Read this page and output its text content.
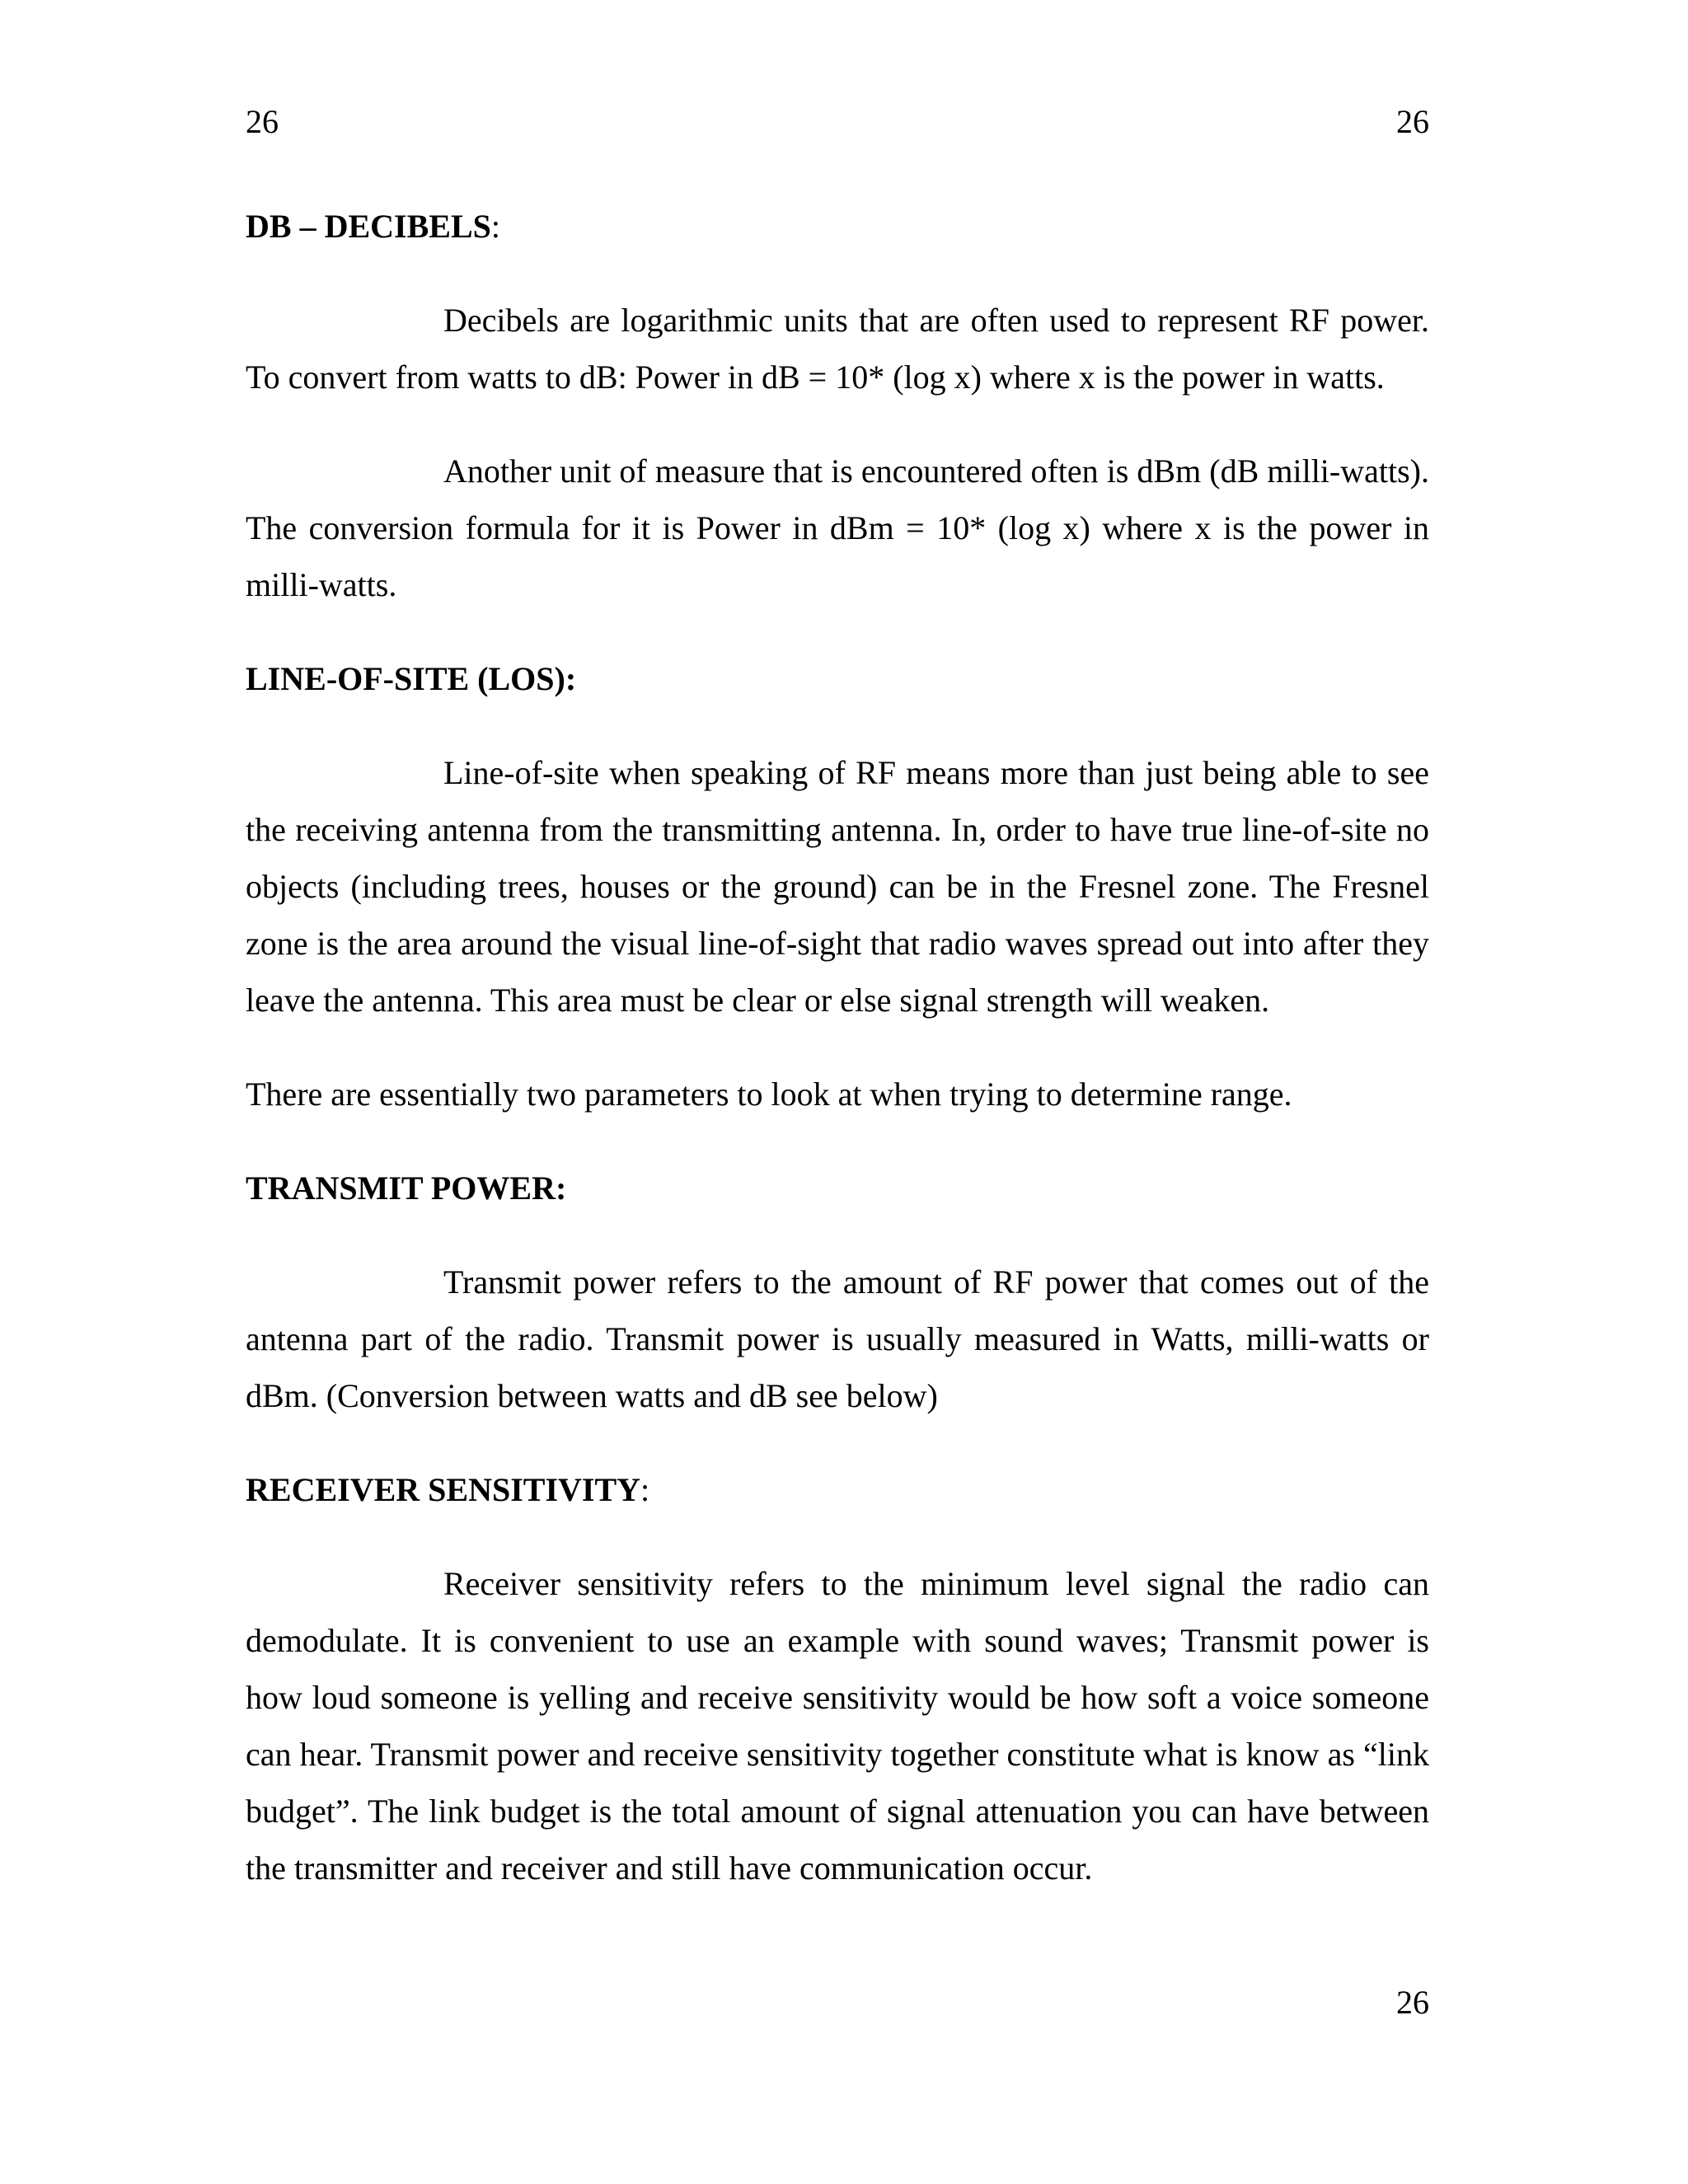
26	26
DB – DECIBELS:

Decibels are logarithmic units that are often used to represent RF power. To convert from watts to dB: Power in dB = 10* (log x) where x is the power in watts.

Another unit of measure that is encountered often is dBm (dB milli-watts). The conversion formula for it is Power in dBm = 10* (log x) where x is the power in milli-watts.

LINE-OF-SITE (LOS):

Line-of-site when speaking of RF means more than just being able to see the receiving antenna from the transmitting antenna. In, order to have true line-of-site no objects (including trees, houses or the ground) can be in the Fresnel zone. The Fresnel zone is the area around the visual line-of-sight that radio waves spread out into after they leave the antenna. This area must be clear or else signal strength will weaken.

There are essentially two parameters to look at when trying to determine range.

TRANSMIT POWER:

Transmit power refers to the amount of RF power that comes out of the antenna part of the radio. Transmit power is usually measured in Watts, milli-watts or dBm. (Conversion between watts and dB see below)

RECEIVER SENSITIVITY:

Receiver sensitivity refers to the minimum level signal the radio can demodulate. It is convenient to use an example with sound waves; Transmit power is how loud someone is yelling and receive sensitivity would be how soft a voice someone can hear. Transmit power and receive sensitivity together constitute what is know as “link budget”. The link budget is the total amount of signal attenuation you can have between the transmitter and receiver and still have communication occur.

26
